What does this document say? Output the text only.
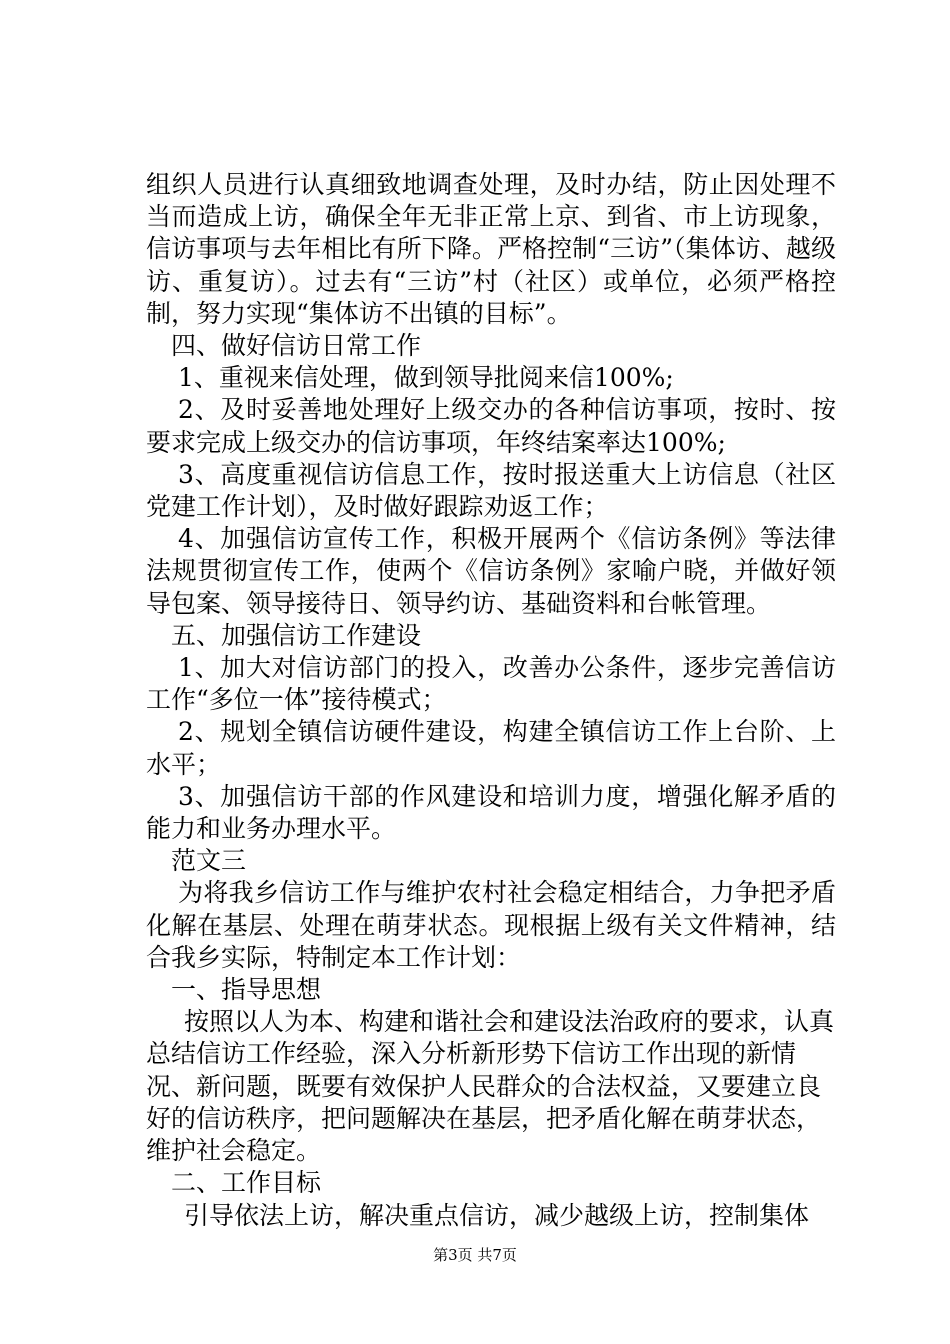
组织人员进行认真细致地调查处理，及时办结，防止因处理不当而造成上访，确保全年无非正常上京、到省、市上访现象，信访事项与去年相比有所下降。严格控制“三访”（集体访、越级访、重复访）。过去有“三访”村（社区）或单位，必须严格控制，努力实现“集体访不出镇的目标”。

四、做好信访日常工作

1、重视来信处理，做到领导批阅来信100%;

2、及时妥善地处理好上级交办的各种信访事项，按时、按要求完成上级交办的信访事项，年终结案率达100%;

3、高度重视信访信息工作，按时报送重大上访信息（社区党建工作计划），及时做好跟踪劝返工作；

4、加强信访宣传工作，积极开展两个《信访条例》等法律法规贯彻宣传工作，使两个《信访条例》家喻户晓，并做好领导包案、领导接待日、领导约访、基础资料和台帐管理。

五、加强信访工作建设

1、加大对信访部门的投入，改善办公条件，逐步完善信访工作“多位一体”接待模式；

2、规划全镇信访硬件建设，构建全镇信访工作上台阶、上水平；

3、加强信访干部的作风建设和培训力度，增强化解矛盾的能力和业务办理水平。

范文三

为将我乡信访工作与维护农村社会稳定相结合，力争把矛盾化解在基层、处理在萌芽状态。现根据上级有关文件精神，结合我乡实际，特制定本工作计划：

一、指导思想

按照以人为本、构建和谐社会和建设法治政府的要求，认真总结信访工作经验，深入分析新形势下信访工作出现的新情况、新问题，既要有效保护人民群众的合法权益，又要建立良好的信访秩序，把问题解决在基层，把矛盾化解在萌芽状态，维护社会稳定。

二、工作目标

引导依法上访，解决重点信访，减少越级上访，控制集体

第3页 共7页
